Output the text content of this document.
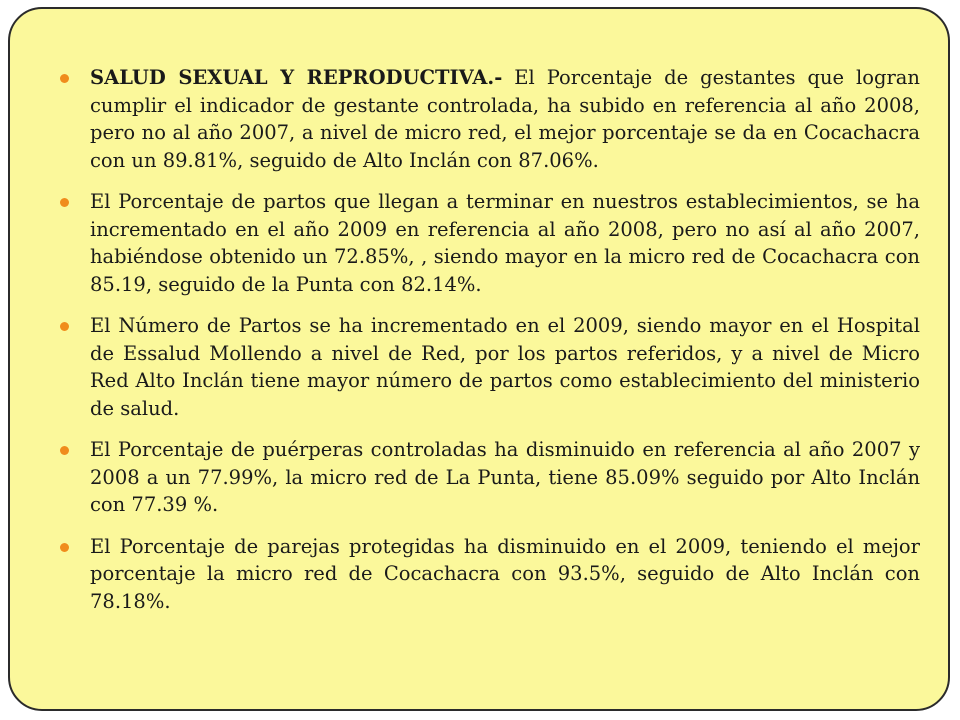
SALUD SEXUAL Y REPRODUCTIVA.- El Porcentaje de gestantes que logran cumplir el indicador de gestante controlada, ha subido en referencia al año 2008, pero no al año 2007, a nivel de micro red, el mejor porcentaje se da en Cocachacra con un 89.81%, seguido de Alto Inclán con 87.06%.
El Porcentaje de partos que llegan a terminar en nuestros establecimientos, se ha incrementado en el año 2009 en referencia al año 2008, pero no así al año 2007, habiéndose obtenido un 72.85%, , siendo mayor en la micro red de Cocachacra con 85.19, seguido de la Punta con 82.14%.
El Número de Partos se ha incrementado en el 2009, siendo mayor en el Hospital de Essalud Mollendo a nivel de Red, por los partos referidos, y a nivel de Micro Red Alto Inclán tiene mayor número de partos como establecimiento del ministerio de salud.
El Porcentaje de puérperas controladas ha disminuido en referencia al año 2007 y 2008 a un 77.99%, la micro red de La Punta, tiene 85.09% seguido por Alto Inclán con 77.39 %.
El Porcentaje de parejas protegidas ha disminuido en el 2009, teniendo el mejor porcentaje la micro red de Cocachacra con 93.5%, seguido de Alto Inclán con 78.18%.
